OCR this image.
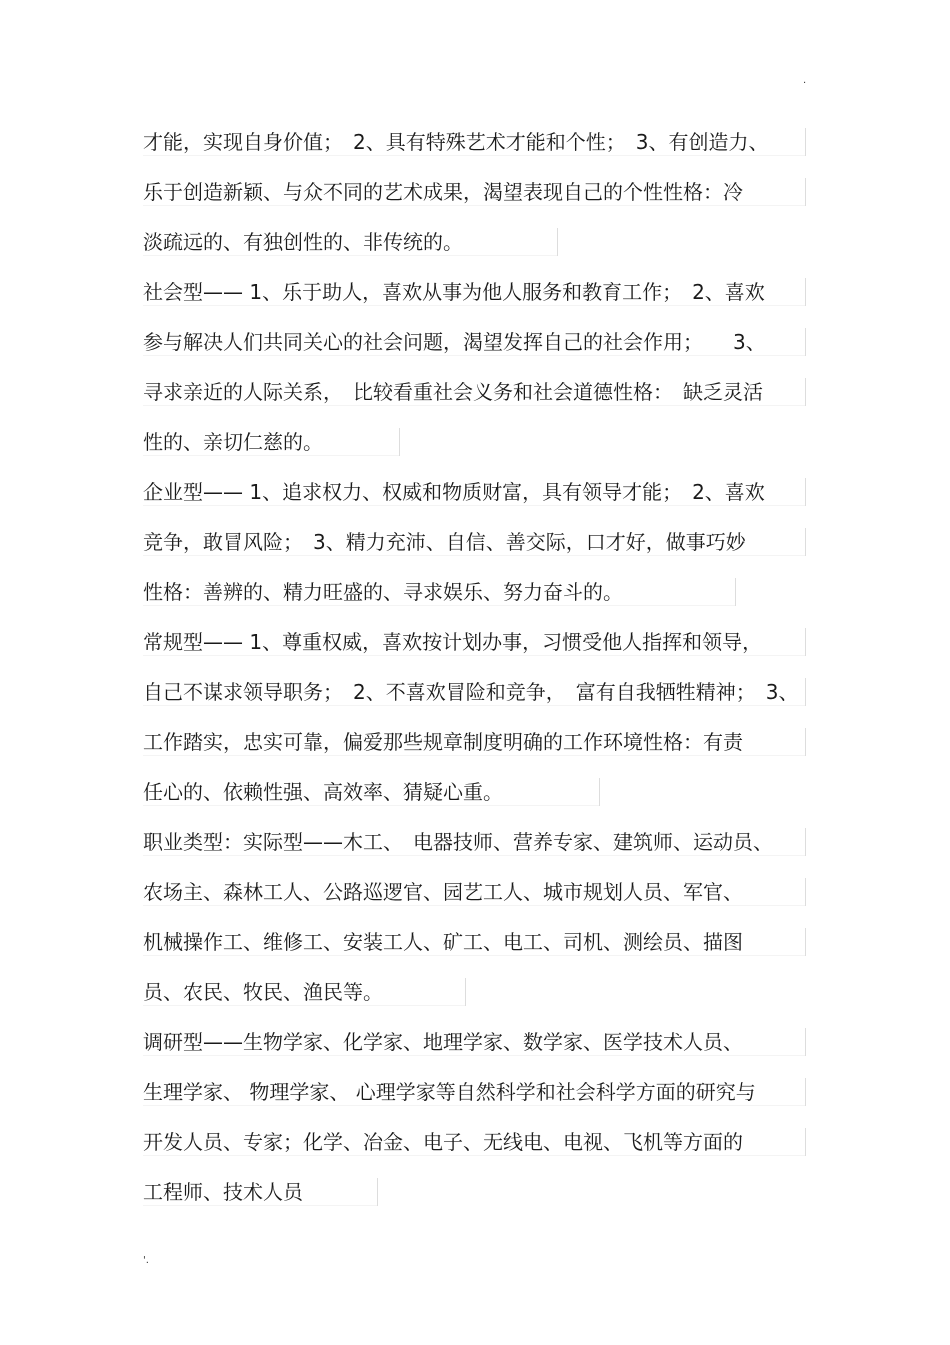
.
才能，实现自身价值；　2、具有特殊艺术才能和个性；　3、有创造力、
乐于创造新颖、与众不同的艺术成果，渴望表现自己的个性性格：冷
淡疏远的、有独创性的、非传统的。
社会型—— 1、乐于助人，喜欢从事为他人服务和教育工作；　2、喜欢
参与解决人们共同关心的社会问题，渴望发挥自己的社会作用；　　3、
寻求亲近的人际关系，　比较看重社会义务和社会道德性格：　缺乏灵活
性的、亲切仁慈的。
企业型—— 1、追求权力、权威和物质财富，具有领导才能；　2、喜欢
竞争，敢冒风险；　3、精力充沛、自信、善交际，口才好，做事巧妙
性格：善辨的、精力旺盛的、寻求娱乐、努力奋斗的。
常规型—— 1、尊重权威，喜欢按计划办事，习惯受他人指挥和领导，
自己不谋求领导职务；　2、不喜欢冒险和竞争，　富有自我牺牲精神；　3、
工作踏实，忠实可靠，偏爱那些规章制度明确的工作环境性格：有责
任心的、依赖性强、高效率、猜疑心重。
职业类型：实际型——木工、　电器技师、营养专家、建筑师、运动员、
农场主、森林工人、公路巡逻官、园艺工人、城市规划人员、军官、
机械操作工、维修工、安装工人、矿工、电工、司机、测绘员、描图
员、农民、牧民、渔民等。
调研型——生物学家、化学家、地理学家、数学家、医学技术人员、
生理学家、 物理学家、 心理学家等自然科学和社会科学方面的研究与
开发人员、专家；化学、冶金、电子、无线电、电视、飞机等方面的
工程师、技术人员
'.
